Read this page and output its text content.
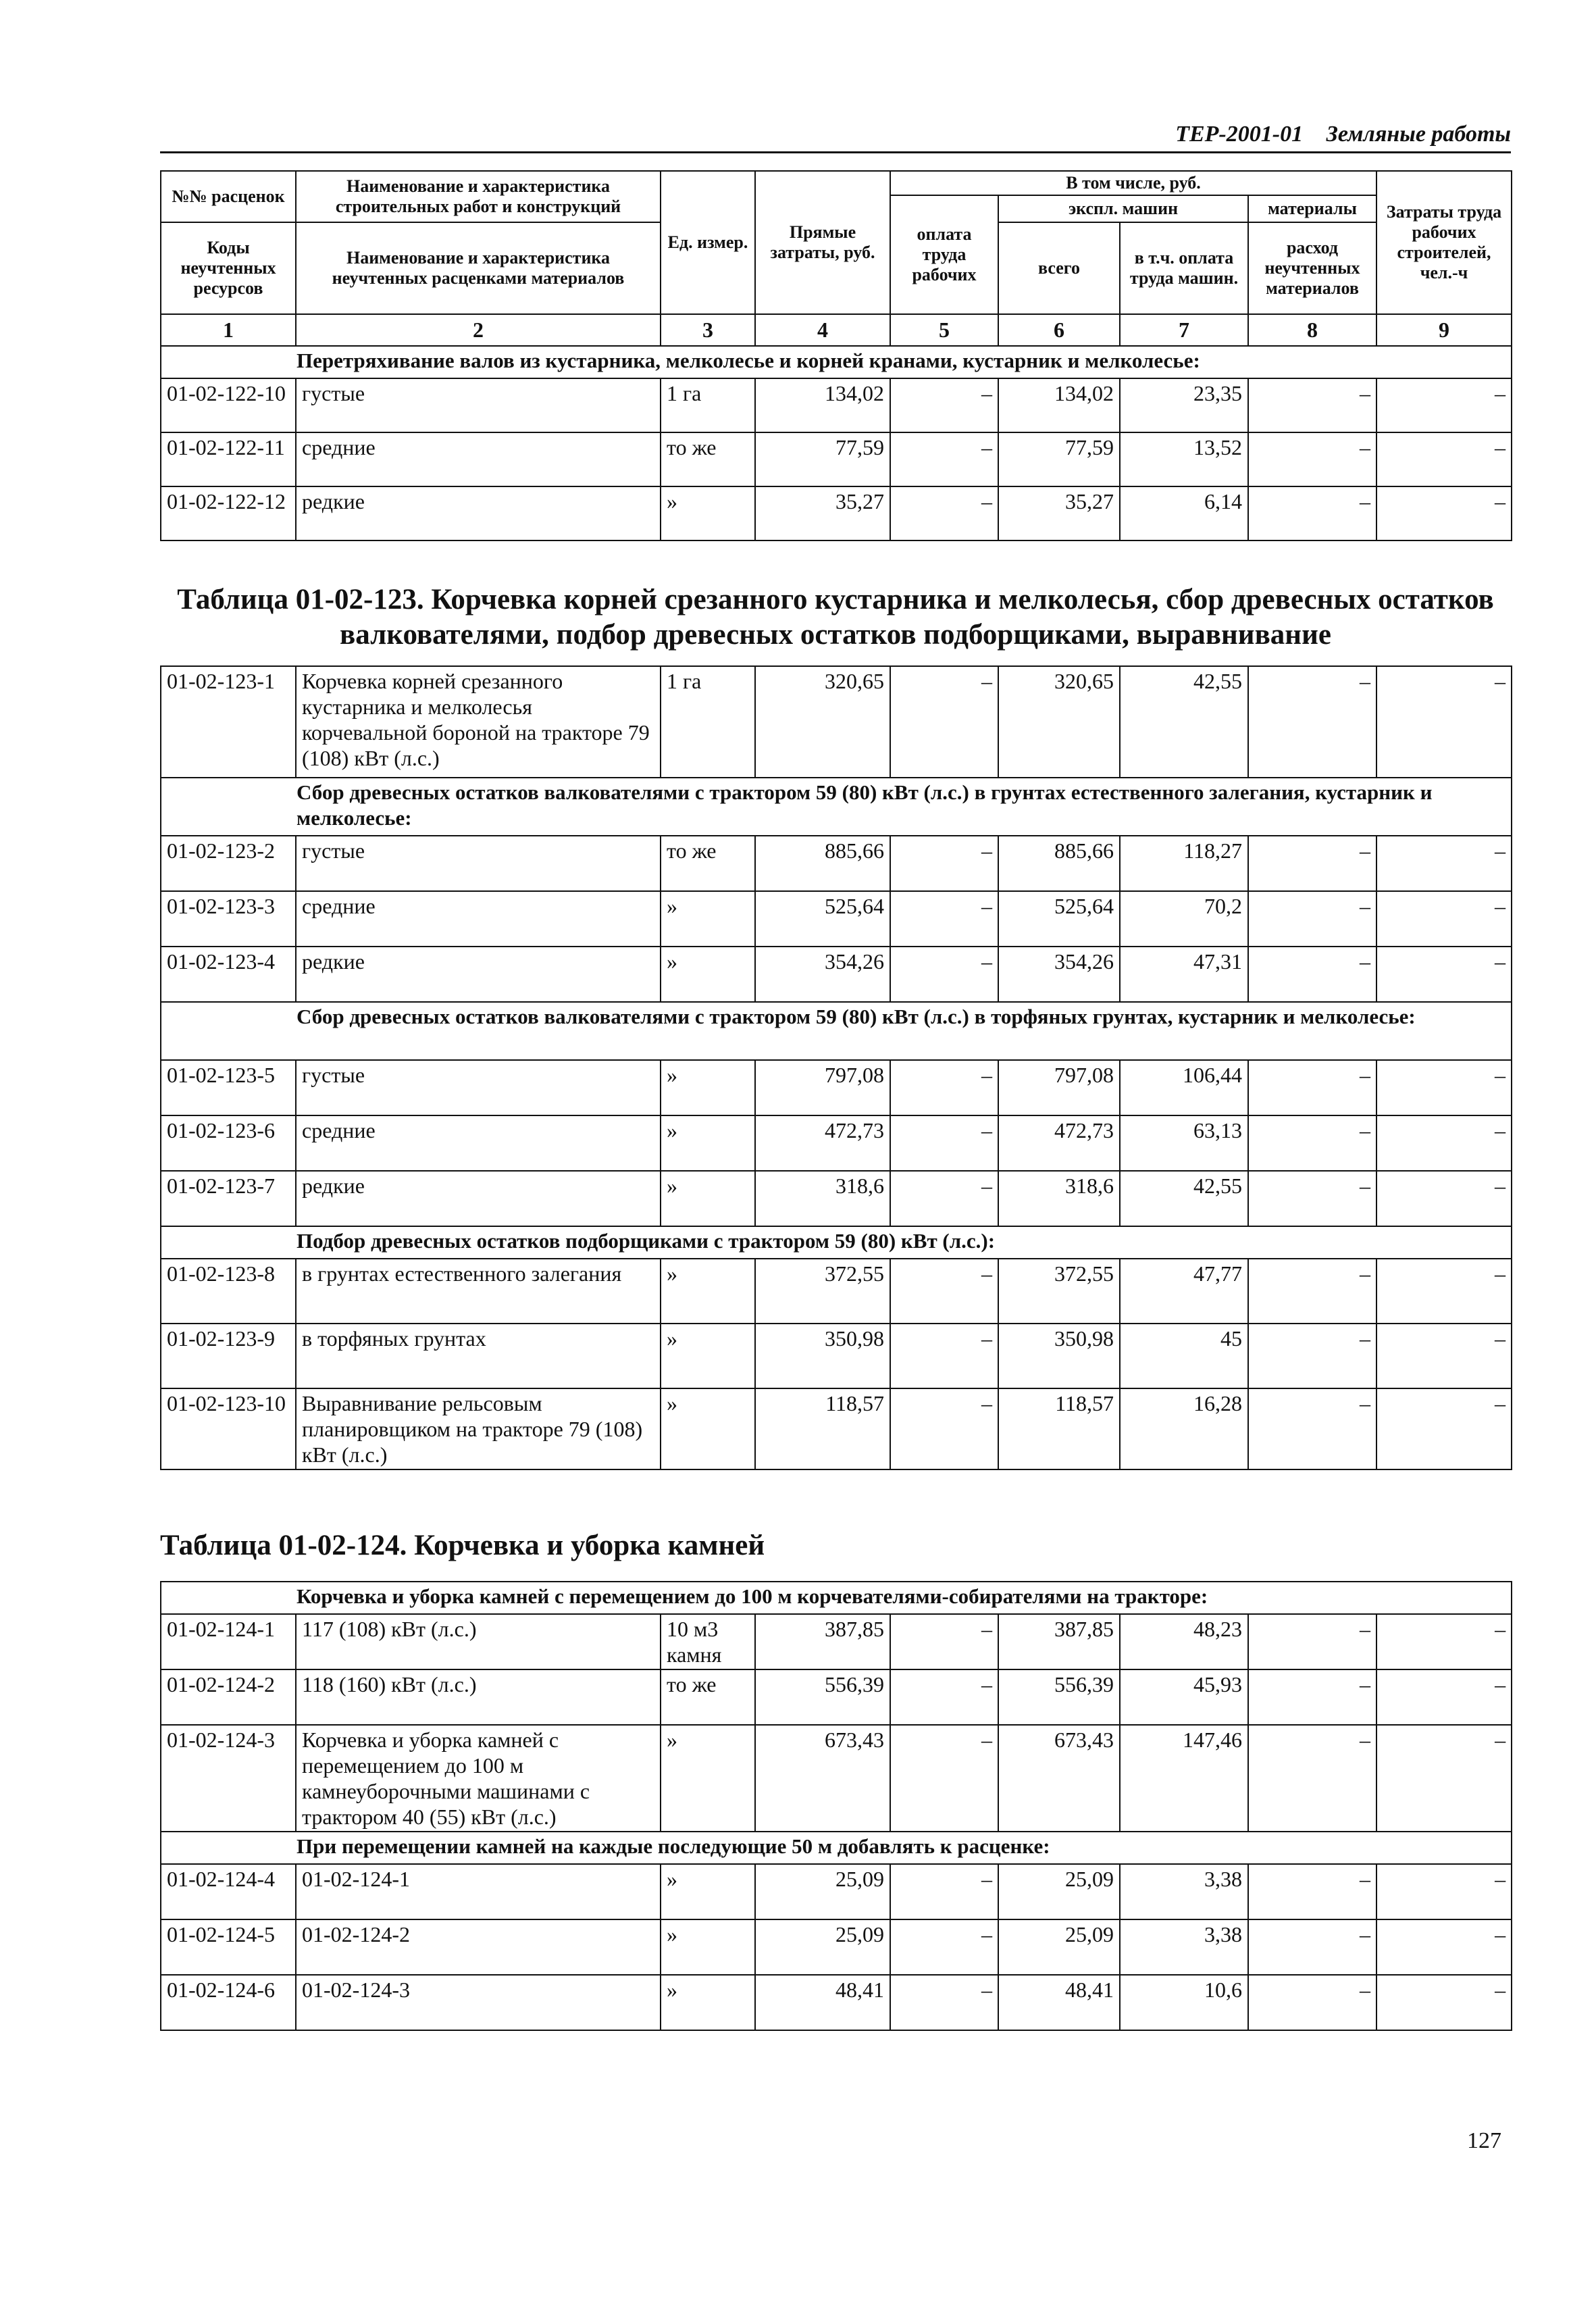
ТЕР-2001-01 Земляные работы
№№ расценок	Наименование и характеристика строительных работ и конструкций	Ед. измер.	Прямые затраты, руб.	В том числе, руб.				Затраты труда рабочих строителей, чел.-ч
				оплата труда рабочих	экспл. машин		материалы	
Коды неучтенных ресурсов	Наименование и характеристика неучтенных расценками материалов				всего	в т.ч. оплата труда машин.	расход неучтенных материалов	
1	2	3	4	5	6	7	8	9
Перетряхивание валов из кустарника, мелколесье и корней кранами, кустарник и мелколесье:								
01-02-122-10	густые	1 га	134,02	–	134,02	23,35	–	–
01-02-122-11	средние	то же	77,59	–	77,59	13,52	–	–
01-02-122-12	редкие	»	35,27	–	35,27	6,14	–	–
Таблица 01-02-123. Корчевка корней срезанного кустарника и мелколесья, сбор древесных остатков валкователями, подбор древесных остатков подборщиками, выравнивание
01-02-123-1	Корчевка корней срезанного кустарника и мелколесья корчевальной бороной на тракторе 79 (108) кВт (л.с.)	1 га	320,65	–	320,65	42,55	–	–
Сбор древесных остатков валкователями с трактором 59 (80) кВт (л.с.) в грунтах естественного залегания, кустарник и мелколесье:								
01-02-123-2	густые	то же	885,66	–	885,66	118,27	–	–
01-02-123-3	средние	»	525,64	–	525,64	70,2	–	–
01-02-123-4	редкие	»	354,26	–	354,26	47,31	–	–
Сбор древесных остатков валкователями с трактором 59 (80) кВт (л.с.) в торфяных грунтах, кустарник и мелколесье:								
01-02-123-5	густые	»	797,08	–	797,08	106,44	–	–
01-02-123-6	средние	»	472,73	–	472,73	63,13	–	–
01-02-123-7	редкие	»	318,6	–	318,6	42,55	–	–
Подбор древесных остатков подборщиками с трактором 59 (80) кВт (л.с.):								
01-02-123-8	в грунтах естественного залегания	»	372,55	–	372,55	47,77	–	–
01-02-123-9	в торфяных грунтах	»	350,98	–	350,98	45	–	–
01-02-123-10	Выравнивание рельсовым планировщиком на тракторе 79 (108) кВт (л.с.)	»	118,57	–	118,57	16,28	–	–
Таблица 01-02-124. Корчевка и уборка камней
Корчевка и уборка камней с перемещением до 100 м корчевателями-собирателями на тракторе:								
01-02-124-1	117 (108) кВт (л.с.)	10 м3 камня	387,85	–	387,85	48,23	–	–
01-02-124-2	118 (160) кВт (л.с.)	то же	556,39	–	556,39	45,93	–	–
01-02-124-3	Корчевка и уборка камней с перемещением до 100 м камнеуборочными машинами с трактором 40 (55) кВт (л.с.)	»	673,43	–	673,43	147,46	–	–
При перемещении камней на каждые последующие 50 м добавлять к расценке:								
01-02-124-4	01-02-124-1	»	25,09	–	25,09	3,38	–	–
01-02-124-5	01-02-124-2	»	25,09	–	25,09	3,38	–	–
01-02-124-6	01-02-124-3	»	48,41	–	48,41	10,6	–	–
127
